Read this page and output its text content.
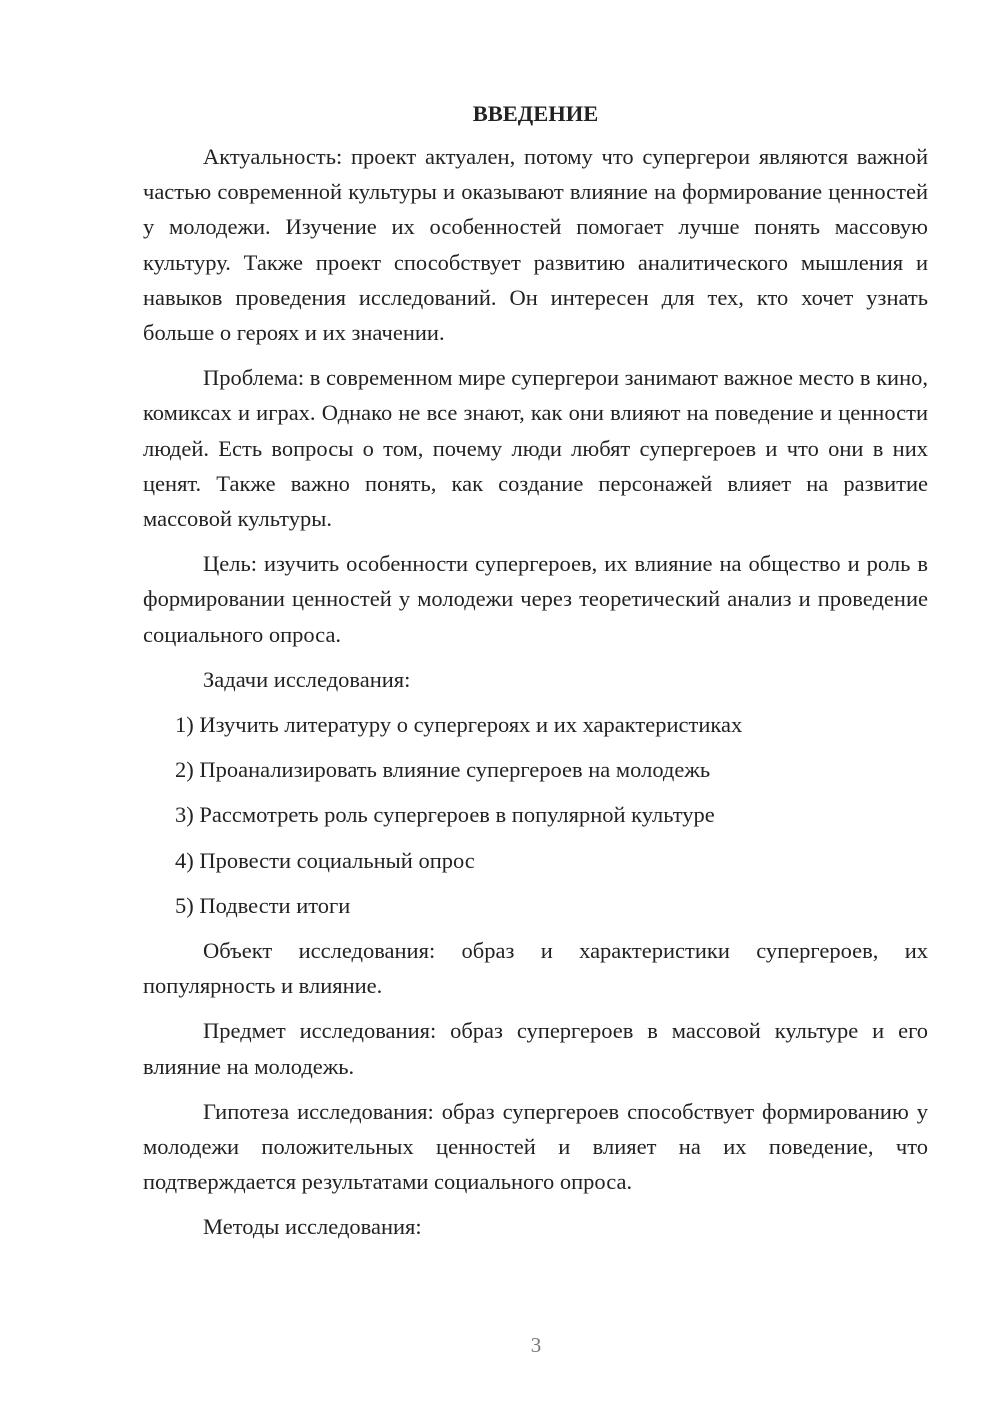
ВВЕДЕНИЕ

Актуальность: проект актуален, потому что супергерои являются важной частью современной культуры и оказывают влияние на формирование ценностей у молодежи. Изучение их особенностей помогает лучше понять массовую культуру. Также проект способствует развитию аналитического мышления и навыков проведения исследований. Он интересен для тех, кто хочет узнать больше о героях и их значении.

Проблема: в современном мире супергерои занимают важное место в кино, комиксах и играх. Однако не все знают, как они влияют на поведение и ценности людей. Есть вопросы о том, почему люди любят супергероев и что они в них ценят. Также важно понять, как создание персонажей влияет на развитие массовой культуры.

Цель: изучить особенности супергероев, их влияние на общество и роль в формировании ценностей у молодежи через теоретический анализ и проведение социального опроса.

Задачи исследования:

1) Изучить литературу о супергероях и их характеристиках
2) Проанализировать влияние супергероев на молодежь
3) Рассмотреть роль супергероев в популярной культуре
4) Провести социальный опрос
5) Подвести итоги

Объект исследования: образ и характеристики супергероев, их популярность и влияние.

Предмет исследования: образ супергероев в массовой культуре и его влияние на молодежь.

Гипотеза исследования: образ супергероев способствует формированию у молодежи положительных ценностей и влияет на их поведение, что подтверждается результатами социального опроса.

Методы исследования:

3
